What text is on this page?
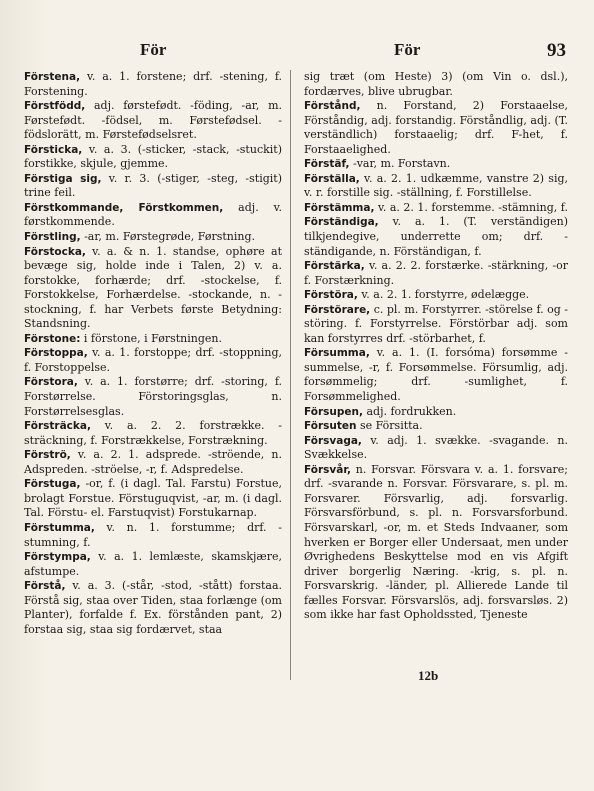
För	För	93

Förstena, v. a. 1. forstene; drf. -stening, f. Forstening.

Förstfödd, adj. førstefødt. -föding, -ar, m. Førstefødt. -födsel, m. Førstefødsel. -födslorätt, m. Førstefødselsret.

Försticka, v. a. 3. (-sticker, -stack, -stuckit) forstikke, skjule, gjemme.

Förstiga sig, v. r. 3. (-stiger, -steg, -stigit) trine feil.

Förstkommande, Förstkommen, adj. v. førstkommende.

Förstling, -ar, m. Førstegrøde, Førstning.

Förstocka, v. a. & n. 1. standse, ophøre at bevæge sig, holde inde i Talen, 2) v. a. forstokke, forhærde; drf. -stockelse, f. Forstokkelse, Forhærdelse. -stockande, n. -stockning, f. har Verbets første Betydning: Standsning.

Förstone: i förstone, i Førstningen.

Förstoppa, v. a. 1. forstoppe; drf. -stoppning, f. Forstoppelse.

Förstora, v. a. 1. forstørre; drf. -storing, f. Forstørrelse. Förstoringsglas, n. Forstørrelsesglas.

Försträcka, v. a. 2. 2. forstrække. -sträckning, f. Forstrækkelse, Forstrækning.

Förströ, v. a. 2. 1. adsprede. -ströende, n. Adspreden. -ströelse, -r, f. Adspredelse.

Förstuga, -or, f. (i dagl. Tal. Farstu) Forstue, brolagt Forstue. Förstuguqvist, -ar, m. (i dagl. Tal. Förstu- el. Farstuqvist) Forstukarnap.

Förstumma, v. n. 1. forstumme; drf. -stumning, f.

Förstympa, v. a. 1. lemlæste, skamskjære, afstumpe.

Förstå, v. a. 3. (-står, -stod, -stått) forstaa. Förstå sig, staa over Tiden, staa forlænge (om Planter), forfalde f. Ex. förstånden pant, 2) forstaa sig, staa sig fordærvet, staa

sig træt (om Heste) 3) (om Vin o. dsl.), fordærves, blive ubrugbar.

Förstånd, n. Forstand, 2) Forstaaelse, Förståndig, adj. forstandig. Förståndlig, adj. (T. verständlich) forstaaelig; drf. F-het, f. Forstaaelighed.

Förstäf, -var, m. Forstavn.

Förställa, v. a. 2. 1. udkæmme, vanstre 2) sig, v. r. forstille sig. -ställning, f. Forstillelse.

Förstämma, v. a. 2. 1. forstemme. -stämning, f.

Förständiga, v. a. 1. (T. verständigen) tilkjendegive, underrette om; drf. -ständigande, n. Förständigan, f.

Förstärka, v. a. 2. 2. forstærke. -stärkning, -or f. Forstærkning.

Förstöra, v. a. 2. 1. forstyrre, ødelægge.

Förstörare, c. pl. m. Forstyrrer. -störelse f. og -störing. f. Forstyrrelse. Förstörbar adj. som kan forstyrres drf. -störbarhet, f.

Försumma, v. a. 1. (I. forsóma) forsømme -summelse, -r, f. Forsømmelse. Försumlig, adj. forsømmelig; drf. -sumlighet, f. Forsømmelighed.

Försupen, adj. fordrukken.

Försuten se Försitta.

Försvaga, v. adj. 1. svække. -svagande. n. Svækkelse.

Försvår, n. Forsvar. Försvara v. a. 1. forsvare; drf. -svarande n. Forsvar. Försvarare, s. pl. m. Forsvarer. Försvarlig, adj. forsvarlig. Försvarsförbund, s. pl. n. Forsvarsforbund. Försvarskarl, -or, m. et Steds Indvaaner, som hverken er Borger eller Undersaat, men under Øvrighedens Beskyttelse mod en vis Afgift driver borgerlig Næring. -krig, s. pl. n. Forsvarskrig. -länder, pl. Allierede Lande til fælles Forsvar. Försvarslös, adj. forsvarsløs. 2) som ikke har fast Opholdssted, Tjeneste

12b
